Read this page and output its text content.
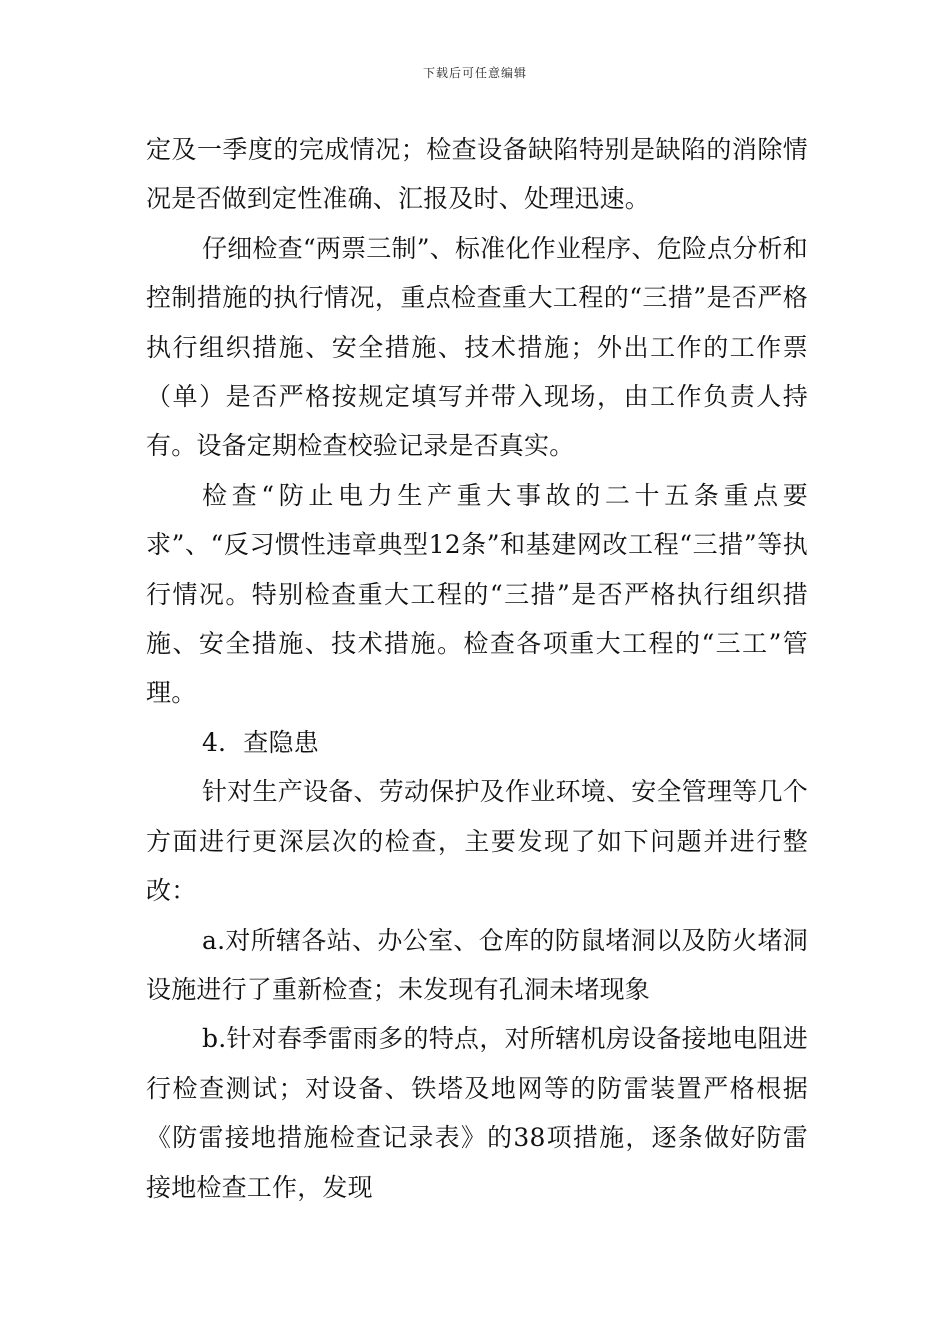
下载后可任意编辑

定及一季度的完成情况；检查设备缺陷特别是缺陷的消除情况是否做到定性准确、汇报及时、处理迅速。

仔细检查“两票三制”、标准化作业程序、危险点分析和控制措施的执行情况，重点检查重大工程的“三措”是否严格执行组织措施、安全措施、技术措施；外出工作的工作票（单）是否严格按规定填写并带入现场，由工作负责人持有。设备定期检查校验记录是否真实。

检查“防止电力生产重大事故的二十五条重点要求”、“反习惯性违章典型12条”和基建网改工程“三措”等执行情况。特别检查重大工程的“三措”是否严格执行组织措施、安全措施、技术措施。检查各项重大工程的“三工”管理。

4．查隐患

针对生产设备、劳动保护及作业环境、安全管理等几个方面进行更深层次的检查，主要发现了如下问题并进行整改：

a.对所辖各站、办公室、仓库的防鼠堵洞以及防火堵洞设施进行了重新检查；未发现有孔洞未堵现象

b.针对春季雷雨多的特点，对所辖机房设备接地电阻进行检查测试；对设备、铁塔及地网等的防雷装置严格根据《防雷接地措施检查记录表》的38项措施，逐条做好防雷接地检查工作，发现
